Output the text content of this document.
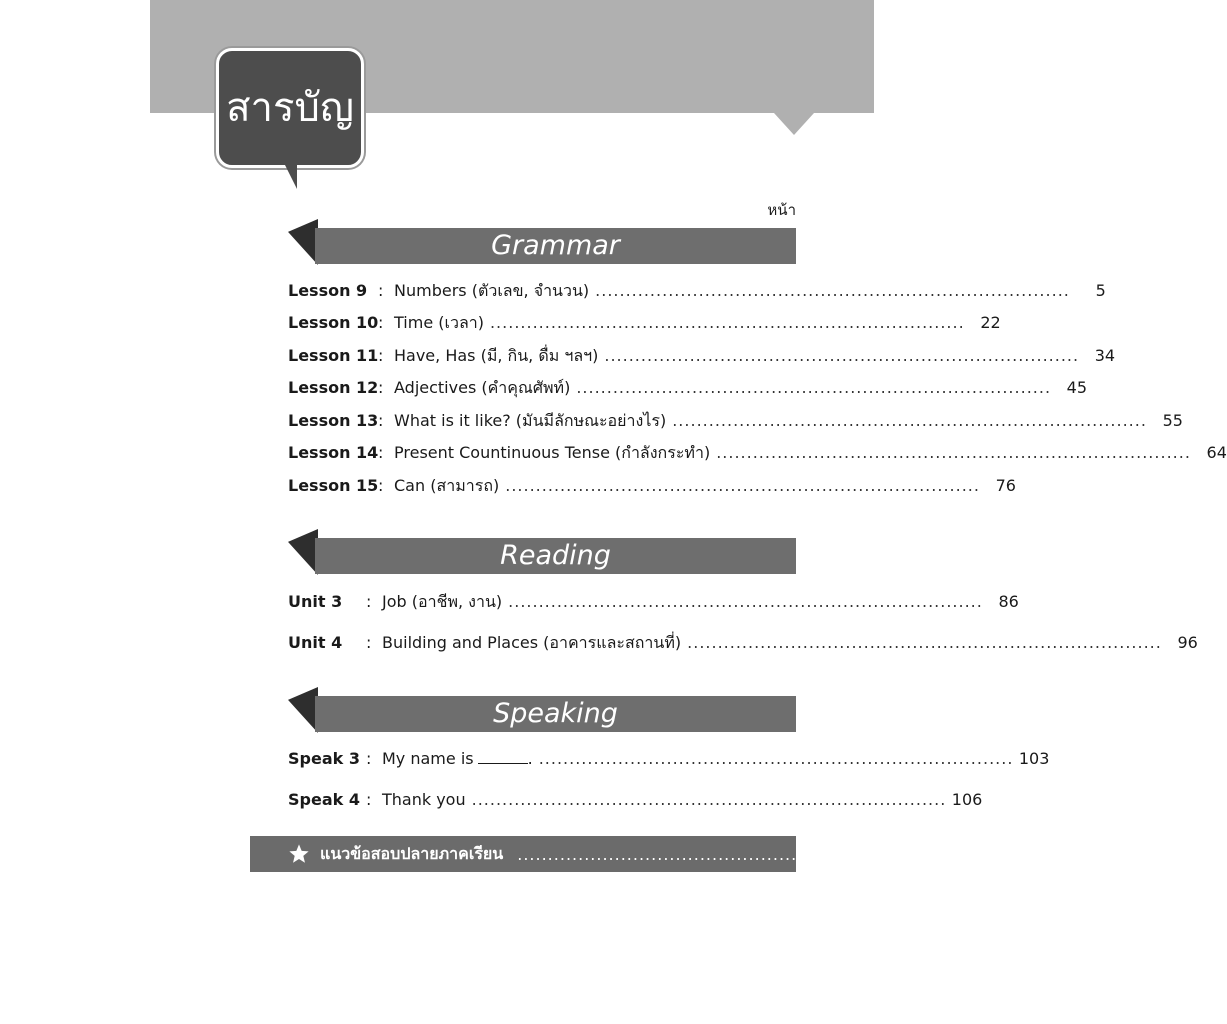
สารบัญ
หน้า
Grammar
Lesson 9 : Numbers (ตัวเลข, จำนวน) ..............................................................................	5
Lesson 10 : Time (เวลา) .............................................................................. 22
Lesson 11 : Have, Has (มี, กิน, ดื่ม ฯลฯ) .............................................................................. 34
Lesson 12 : Adjectives (คำคุณศัพท์) .............................................................................. 45
Lesson 13 : What is it like? (มันมีลักษณะอย่างไร) .............................................................................. 55
Lesson 14 : Present Countinuous Tense (กำลังกระทำ) .............................................................................. 64
Lesson 15 : Can (สามารถ) .............................................................................. 76
Reading
Unit 3	: Job (อาชีพ, งาน) .............................................................................. 86
Unit 4	: Building and Places (อาคารและสถานที่) .............................................................................. 96
Speaking
Speak 3 : My name is	. .............................................................................. 103
Speak 4 : Thank you .............................................................................. 106
แนวข้อสอบปลายภาคเรียน .............................................................................. 110
